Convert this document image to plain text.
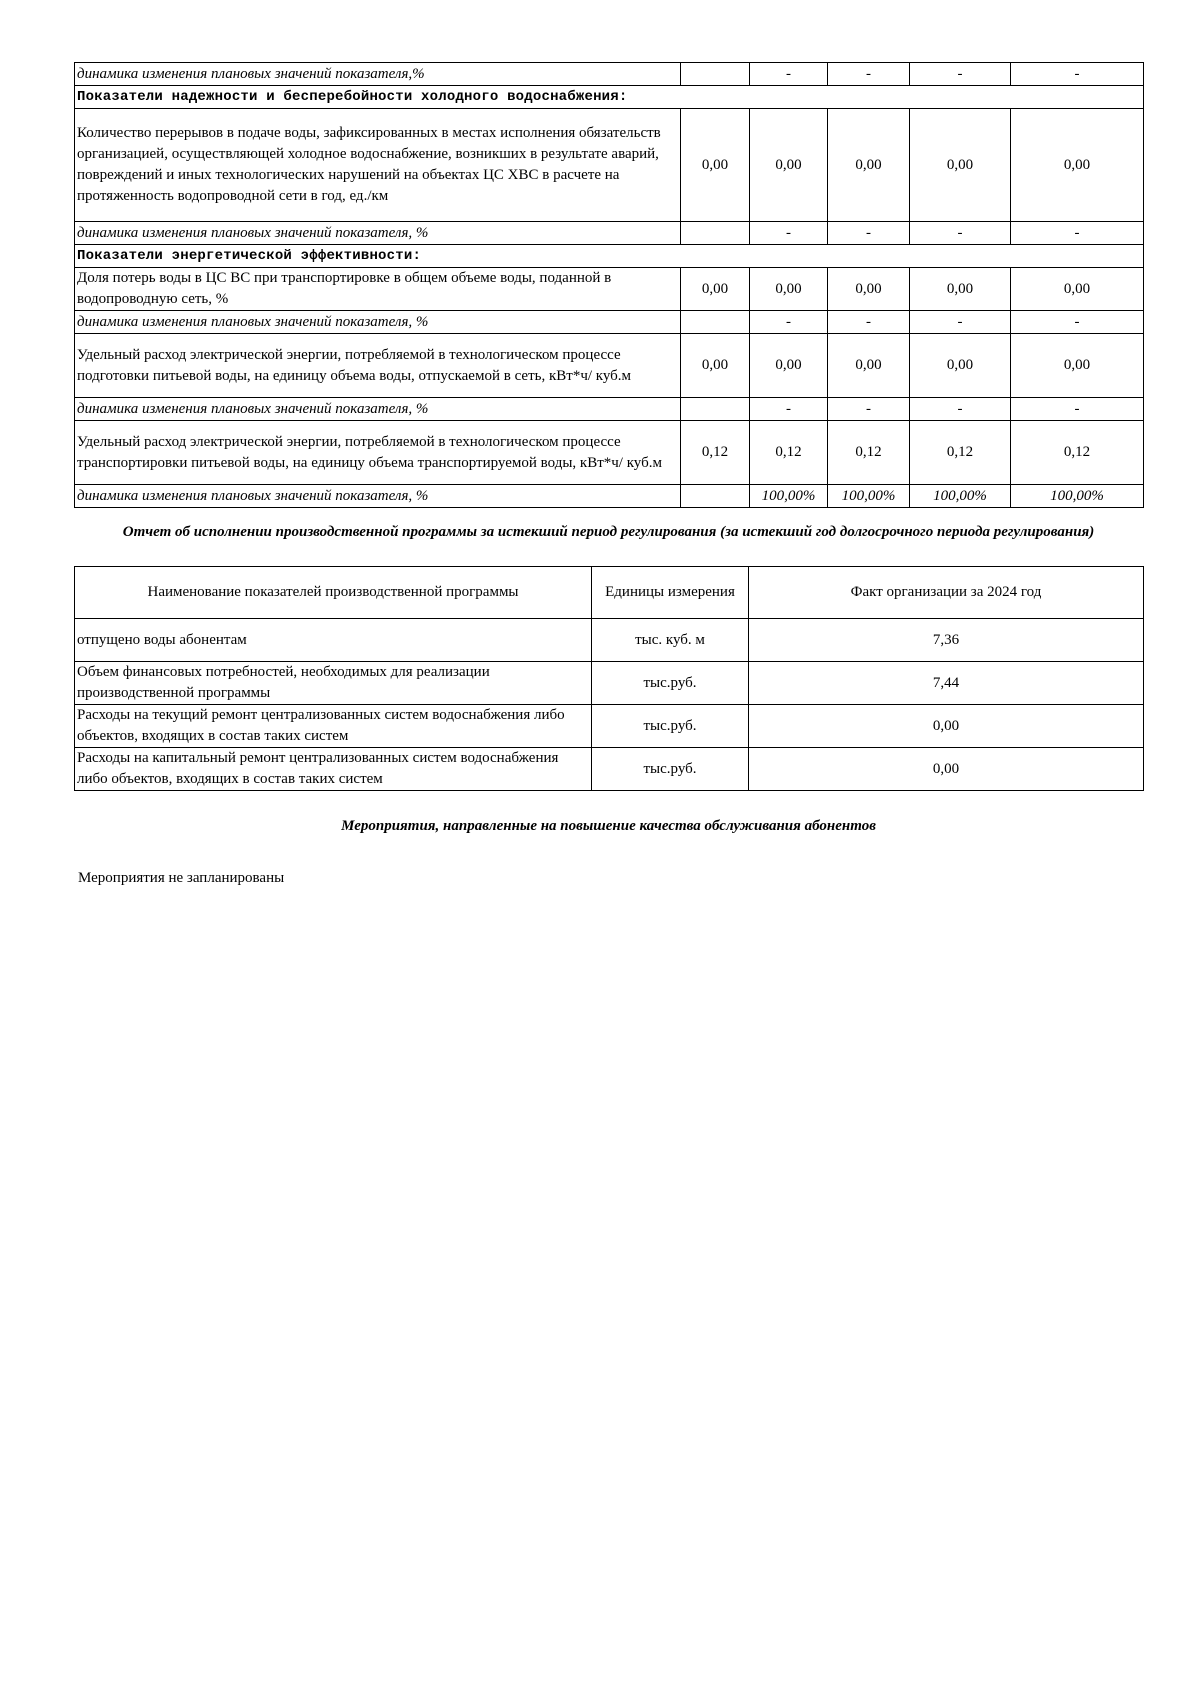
динамика изменения плановых значений показателя,%		-	-	-	-
Показатели надежности и бесперебойности холодного водоснабжения:					
Количество перерывов в подаче воды, зафиксированных в местах исполнения обязательств организацией, осуществляющей холодное водоснабжение, возникших в результате аварий, повреждений и иных технологических нарушений на объектах ЦС ХВС в расчете на протяженность водопроводной сети в год, ед./км	0,00	0,00	0,00	0,00	0,00
динамика изменения плановых значений показателя, %		-	-	-	-
Показатели энергетической эффективности:					
Доля потерь воды в ЦС ВС при транспортировке в общем объеме воды, поданной в водопроводную сеть, %	0,00	0,00	0,00	0,00	0,00
динамика изменения плановых значений показателя, %		-	-	-	-
Удельный расход электрической энергии, потребляемой в технологическом процессе подготовки питьевой воды, на единицу объема воды, отпускаемой в сеть, кВт*ч/ куб.м	0,00	0,00	0,00	0,00	0,00
динамика изменения плановых значений показателя, %		-	-	-	-
Удельный расход электрической энергии, потребляемой в технологическом процессе транспортировки питьевой воды, на единицу объема транспортируемой воды, кВт*ч/ куб.м	0,12	0,12	0,12	0,12	0,12
динамика изменения плановых значений показателя, %		100,00%	100,00%	100,00%	100,00%
Отчет об исполнении производственной программы за истекший период регулирования (за истекший год долгосрочного периода регулирования)
Наименование показателей производственной программы	Единицы измерения	Факт организации за 2024 год
отпущено воды абонентам	тыс. куб. м	7,36
Объем финансовых потребностей, необходимых для реализации производственной программы	тыс.руб.	7,44
Расходы на текущий ремонт централизованных систем водоснабжения либо объектов, входящих в состав таких систем	тыс.руб.	0,00
Расходы на капитальный ремонт централизованных систем водоснабжения либо объектов, входящих в состав таких систем	тыс.руб.	0,00
Мероприятия, направленные на повышение качества обслуживания абонентов
Мероприятия не запланированы
